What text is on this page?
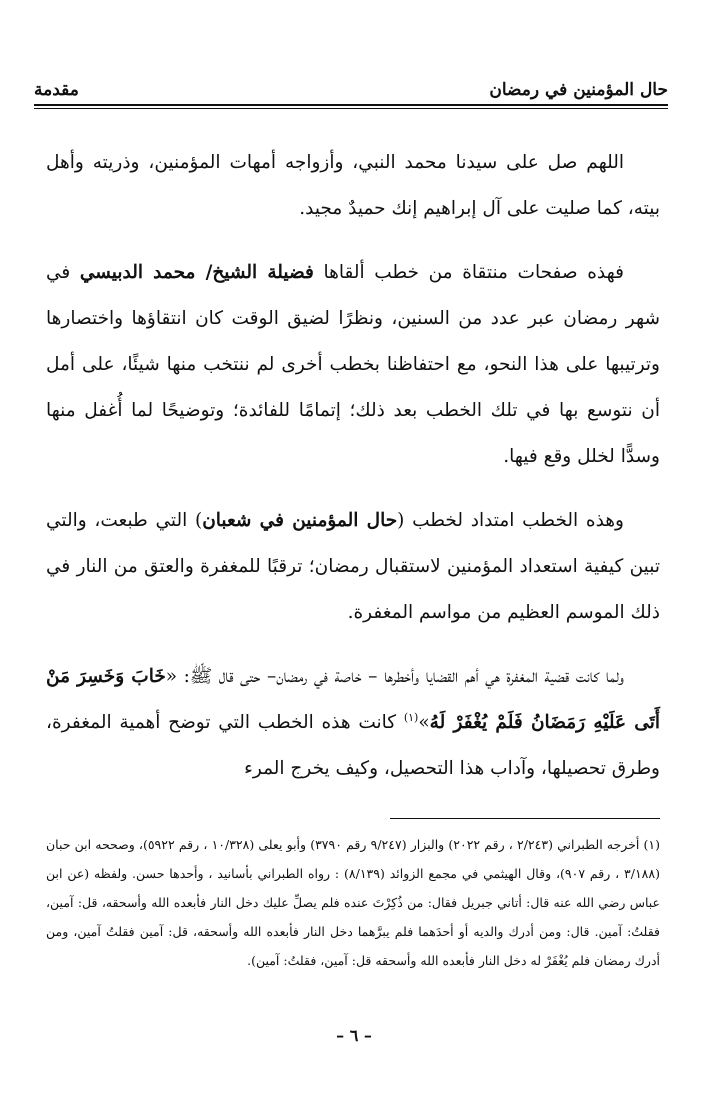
حال المؤمنين في رمضان
مقدمة

اللهم صل على سيدنا محمد النبي، وأزواجه أمهات المؤمنين، وذريته وأهل بيته، كما صليت على آل إبراهيم إنك حميدٌ مجيد.

فهذه صفحات منتقاة من خطب ألقاها فضيلة الشيخ/ محمد الدبيسي في شهر رمضان عبر عدد من السنين، ونظرًا لضيق الوقت كان انتقاؤها واختصارها وترتيبها على هذا النحو، مع احتفاظنا بخطب أخرى لم ننتخب منها شيئًا، على أمل أن نتوسع بها في تلك الخطب بعد ذلك؛ إتمامًا للفائدة؛ وتوضيحًا لما أُغفل منها وسدًّا لخلل وقع فيها.

وهذه الخطب امتداد لخطب (حال المؤمنين في شعبان) التي طبعت، والتي تبين كيفية استعداد المؤمنين لاستقبال رمضان؛ ترقبًا للمغفرة والعتق من النار في ذلك الموسم العظيم من مواسم المغفرة.

ولما كانت قضية المغفرة هي أهم القضايا وأخطرها – خاصة في رمضان– حتى قال ﷺ: «خَابَ وَخَسِرَ مَنْ أَتَى عَلَيْهِ رَمَضَانُ فَلَمْ يُغْفَرْ لَهُ»$^{(١)}$ كانت هذه الخطب التي توضح أهمية المغفرة، وطرق تحصيلها، وآداب هذا التحصيل، وكيف يخرج المرء

(١) أخرجه الطبراني (٢/٢٤٣ ، رقم ٢٠٢٢) والبزار (٩/٢٤٧ رقم ٣٧٩٠) وأبو يعلى (١٠/٣٢٨ ، رقم ٥٩٢٢)، وصححه ابن حبان (٣/١٨٨ ، رقم ٩٠٧)، وقال الهيثمي في مجمع الزوائد (٨/١٣٩) : رواه الطبراني بأسانيد ، وأحدها حسن. ولفظه (عن ابن عباس رضي الله عنه قال: أتاني جبريل فقال: من ذُكِرْتَ عنده فلم يصلِّ عليك دخل النار فأبعده الله وأسحقه، قل: آمين، فقلتُ: آمين. قال: ومن أدرك والديه أو أحدَهما فلم يبرَّهما دخل النار فأبعده الله وأسحقه، قل: آمين فقلتُ آمين، ومن أدرك رمضان فلم يُغْفَرْ له دخل النار فأبعده الله وأسحقه قل: آمين، فقلتُ: آمين).

– ٦ –
